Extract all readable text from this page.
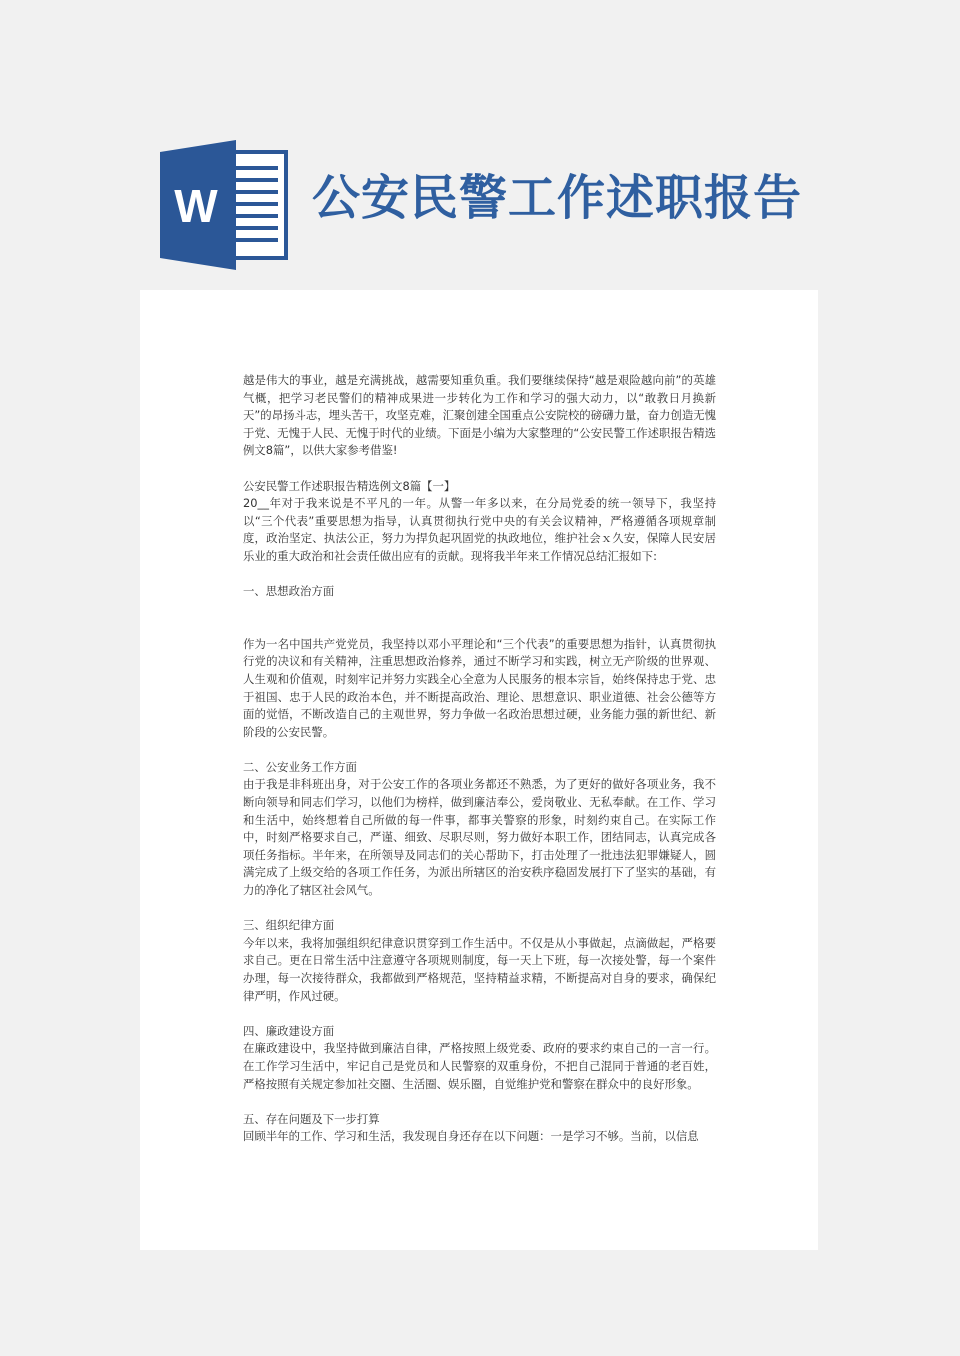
W 公安民警工作述职报告

越是伟大的事业，越是充满挑战，越需要知重负重。我们要继续保持“越是艰险越向前”的英雄气概，把学习老民警们的精神成果进一步转化为工作和学习的强大动力，以“敢教日月换新天”的昂扬斗志，埋头苦干，攻坚克难，汇聚创建全国重点公安院校的磅礴力量，奋力创造无愧于党、无愧于人民、无愧于时代的业绩。下面是小编为大家整理的“公安民警工作述职报告精选例文8篇”，以供大家参考借鉴!

公安民警工作述职报告精选例文8篇【一】

20__年对于我来说是不平凡的一年。从警一年多以来，在分局党委的统一领导下，我坚持以“三个代表”重要思想为指导，认真贯彻执行党中央的有关会议精神，严格遵循各项规章制度，政治坚定、执法公正，努力为捍负起巩固党的执政地位，维护社会ｘ久安，保障人民安居乐业的重大政治和社会责任做出应有的贡献。现将我半年来工作情况总结汇报如下:

一、思想政治方面

作为一名中国共产党党员，我坚持以邓小平理论和“三个代表”的重要思想为指针，认真贯彻执行党的决议和有关精神，注重思想政治修养，通过不断学习和实践，树立无产阶级的世界观、人生观和价值观，时刻牢记并努力实践全心全意为人民服务的根本宗旨，始终保持忠于党、忠于祖国、忠于人民的政治本色，并不断提高政治、理论、思想意识、职业道德、社会公德等方面的觉悟，不断改造自己的主观世界，努力争做一名政治思想过硬，业务能力强的新世纪、新阶段的公安民警。

二、公安业务工作方面

由于我是非科班出身，对于公安工作的各项业务都还不熟悉，为了更好的做好各项业务，我不断向领导和同志们学习，以他们为榜样，做到廉洁奉公，爱岗敬业、无私奉献。在工作、学习和生活中，始终想着自己所做的每一件事，都事关警察的形象，时刻约束自己。在实际工作中，时刻严格要求自己，严谨、细致、尽职尽则，努力做好本职工作，团结同志，认真完成各项任务指标。半年来，在所领导及同志们的关心帮助下，打击处理了一批违法犯罪嫌疑人，圆满完成了上级交给的各项工作任务，为派出所辖区的治安秩序稳固发展打下了坚实的基础，有力的净化了辖区社会风气。

三、组织纪律方面

今年以来，我将加强组织纪律意识贯穿到工作生活中。不仅是从小事做起，点滴做起，严格要求自己。更在日常生活中注意遵守各项规则制度，每一天上下班，每一次接处警，每一个案件办理，每一次接待群众，我都做到严格规范，坚持精益求精，不断提高对自身的要求，确保纪律严明，作风过硬。

四、廉政建设方面

在廉政建设中，我坚持做到廉洁自律，严格按照上级党委、政府的要求约束自己的一言一行。在工作学习生活中，牢记自己是党员和人民警察的双重身份，不把自己混同于普通的老百姓，严格按照有关规定参加社交圈、生活圈、娱乐圈，自觉维护党和警察在群众中的良好形象。

五、存在问题及下一步打算

回顾半年的工作、学习和生活，我发现自身还存在以下问题：一是学习不够。当前，以信息
